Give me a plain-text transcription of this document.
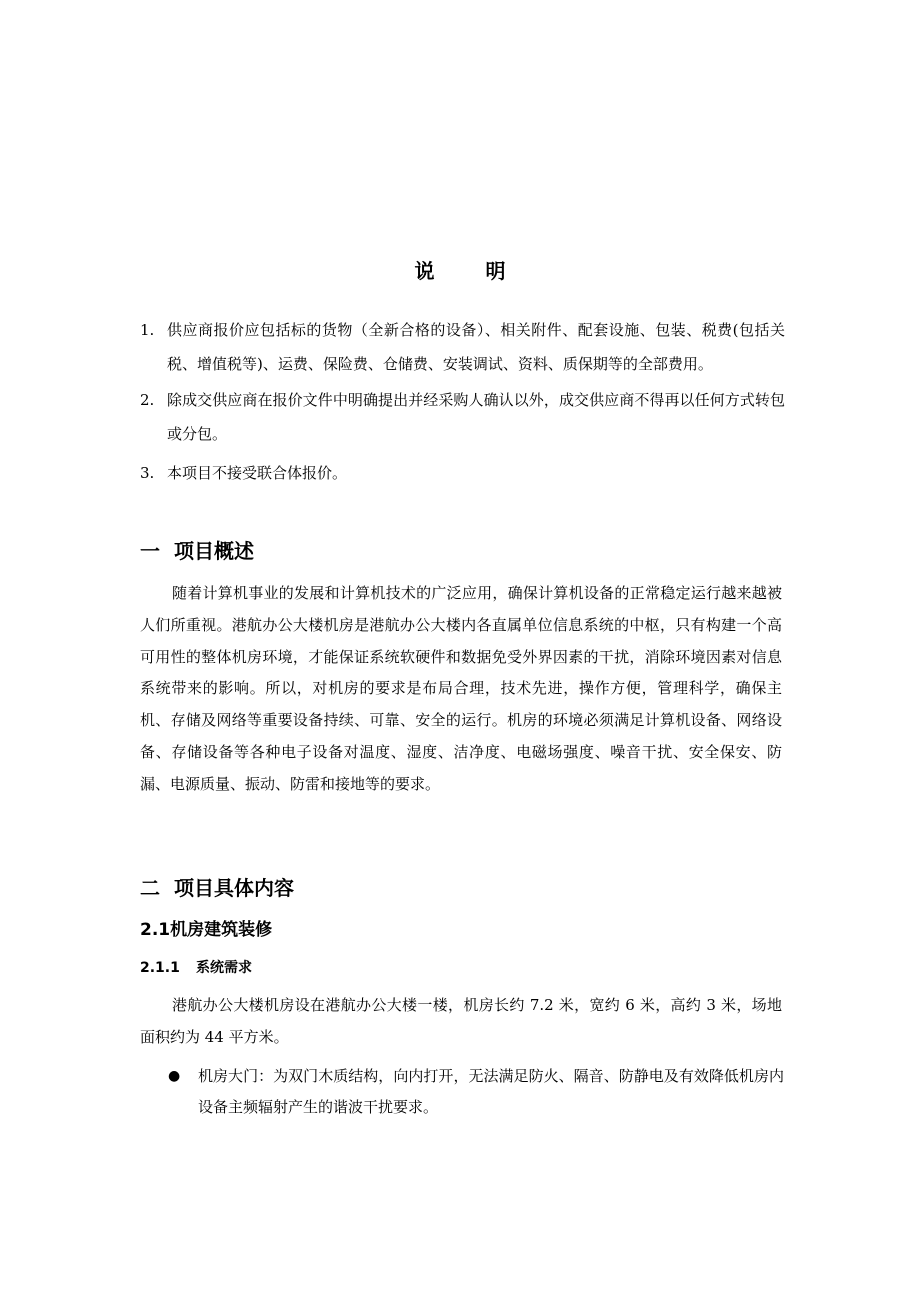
说 明
1. 供应商报价应包括标的货物（全新合格的设备）、相关附件、配套设施、包装、税费(包括关税、增值税等)、运费、保险费、仓储费、安装调试、资料、质保期等的全部费用。
2. 除成交供应商在报价文件中明确提出并经采购人确认以外，成交供应商不得再以任何方式转包或分包。
3. 本项目不接受联合体报价。
一 项目概述
随着计算机事业的发展和计算机技术的广泛应用，确保计算机设备的正常稳定运行越来越被人们所重视。港航办公大楼机房是港航办公大楼内各直属单位信息系统的中枢，只有构建一个高可用性的整体机房环境，才能保证系统软硬件和数据免受外界因素的干扰，消除环境因素对信息系统带来的影响。所以，对机房的要求是布局合理，技术先进，操作方便，管理科学，确保主机、存储及网络等重要设备持续、可靠、安全的运行。机房的环境必须满足计算机设备、网络设备、存储设备等各种电子设备对温度、湿度、洁净度、电磁场强度、噪音干扰、安全保安、防漏、电源质量、振动、防雷和接地等的要求。
二 项目具体内容
2.1机房建筑装修
2.1.1 系统需求
港航办公大楼机房设在港航办公大楼一楼，机房长约 7.2 米，宽约 6 米，高约 3 米，场地面积约为 44 平方米。
● 机房大门：为双门木质结构，向内打开，无法满足防火、隔音、防静电及有效降低机房内设备主频辐射产生的谐波干扰要求。
